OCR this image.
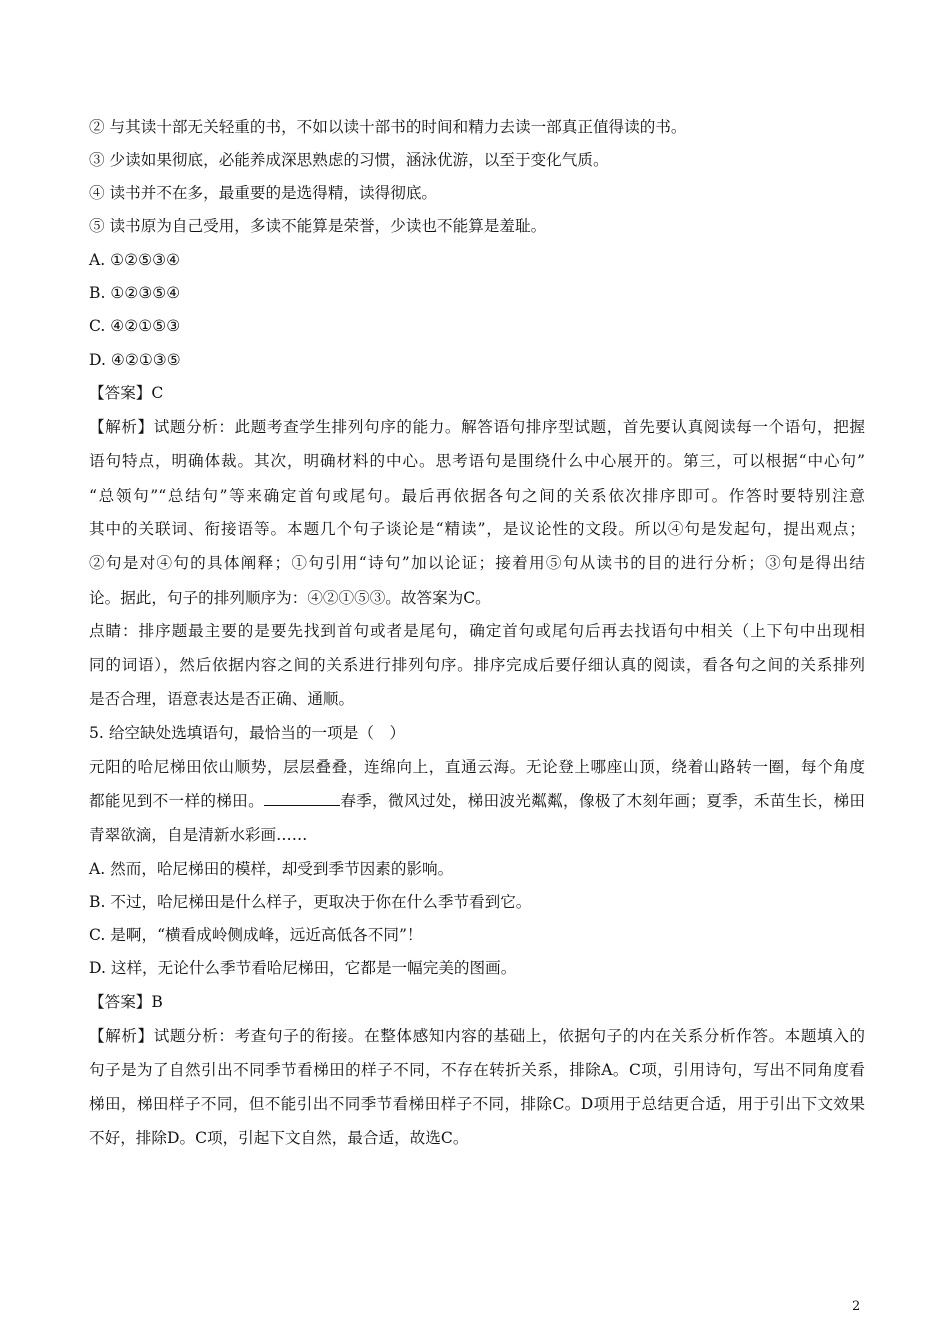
② 与其读十部无关轻重的书，不如以读十部书的时间和精力去读一部真正值得读的书。
③ 少读如果彻底，必能养成深思熟虑的习惯，涵泳优游，以至于变化气质。
④ 读书并不在多，最重要的是选得精，读得彻底。
⑤ 读书原为自己受用，多读不能算是荣誉，少读也不能算是羞耻。
A. ①②⑤③④
B. ①②③⑤④
C. ④②①⑤③
D. ④②①③⑤
【答案】C
【解析】试题分析：此题考查学生排列句序的能力。解答语句排序型试题，首先要认真阅读每一个语句，把握
语句特点，明确体裁。其次，明确材料的中心。思考语句是围绕什么中心展开的。第三，可以根据“中心句”
“总领句”“总结句”等来确定首句或尾句。最后再依据各句之间的关系依次排序即可。作答时要特别注意
其中的关联词、衔接语等。本题几个句子谈论是“精读”，是议论性的文段。所以④句是发起句，提出观点；
②句是对④句的具体阐释；①句引用“诗句”加以论证；接着用⑤句从读书的目的进行分析；③句是得出结
论。据此，句子的排列顺序为：④②①⑤③。故答案为C。
点睛：排序题最主要的是要先找到首句或者是尾句，确定首句或尾句后再去找语句中相关（上下句中出现相
同的词语），然后依据内容之间的关系进行排列句序。排序完成后要仔细认真的阅读，看各句之间的关系排列
是否合理，语意表达是否正确、通顺。
5. 给空缺处选填语句，最恰当的一项是（　）
元阳的哈尼梯田依山顺势，层层叠叠，连绵向上，直通云海。无论登上哪座山顶，绕着山路转一圈，每个角度
都能见到不一样的梯田。	春季，微风过处，梯田波光粼粼，像极了木刻年画；夏季，禾苗生长，梯田
青翠欲滴，自是清新水彩画……
A. 然而，哈尼梯田的模样，却受到季节因素的影响。
B. 不过，哈尼梯田是什么样子，更取决于你在什么季节看到它。
C. 是啊，“横看成岭侧成峰，远近高低各不同”！
D. 这样，无论什么季节看哈尼梯田，它都是一幅完美的图画。
【答案】B
【解析】试题分析：考查句子的衔接。在整体感知内容的基础上，依据句子的内在关系分析作答。本题填入的
句子是为了自然引出不同季节看梯田的样子不同，不存在转折关系，排除A。C项，引用诗句，写出不同角度看
梯田，梯田样子不同，但不能引出不同季节看梯田样子不同，排除C。D项用于总结更合适，用于引出下文效果
不好，排除D。C项，引起下文自然，最合适，故选C。
2
